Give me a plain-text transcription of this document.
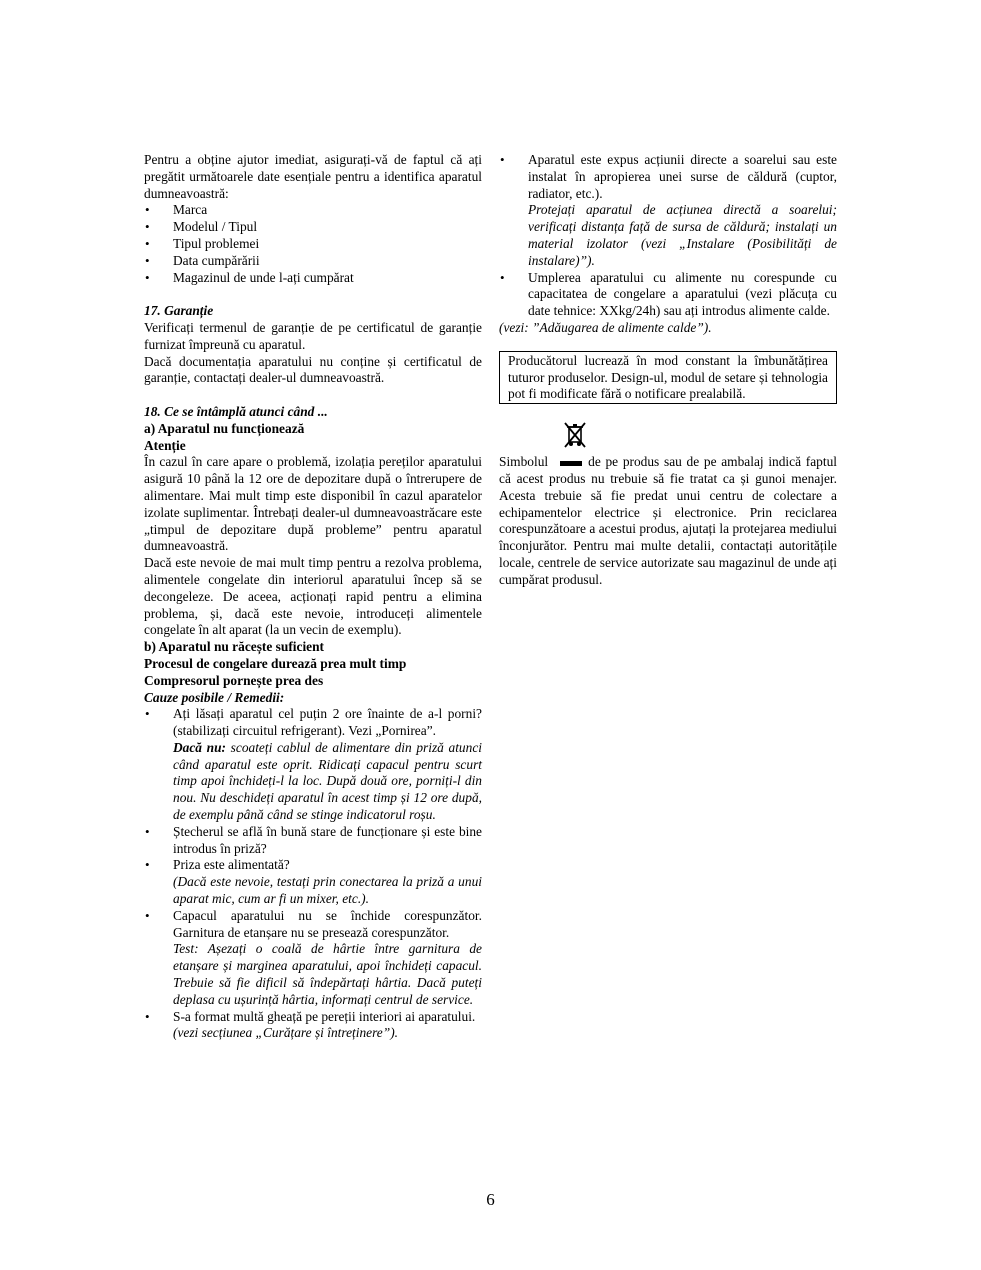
Pentru a obține ajutor imediat, asigurați-vă de faptul că ați pregătit următoarele date esențiale pentru a identifica aparatul dumneavoastră:

• Marca
• Modelul / Tipul
• Tipul problemei
• Data cumpărării
• Magazinul de unde l-ați cumpărat

17. Garanție

Verificați termenul de garanție de pe certificatul de garanție furnizat împreună cu aparatul.

Dacă documentația aparatului nu conține și certificatul de garanție, contactați dealer-ul dumneavoastră.

18. Ce se întâmplă atunci când ...

a) Aparatul nu funcționează

Atenție

În cazul în care apare o problemă, izolația pereților aparatului asigură 10 până la 12 ore de depozitare după o întrerupere de alimentare. Mai mult timp este disponibil în cazul aparatelor izolate suplimentar. Întrebați dealer-ul dumneavoastrăcare este „timpul de depozitare după probleme” pentru aparatul dumneavoastră.

Dacă este nevoie de mai mult timp pentru a rezolva problema, alimentele congelate din interiorul aparatului încep să se decongeleze. De aceea, acționați rapid pentru a elimina problema, și, dacă este nevoie, introduceți alimentele congelate în alt aparat (la un vecin de exemplu).

b) Aparatul nu răcește suficient

Procesul de congelare durează prea mult timp

Compresorul pornește prea des

Cauze posibile / Remedii:

• Ați lăsați aparatul cel puțin 2 ore înainte de a-l porni? (stabilizați circuitul refrigerant). Vezi „Pornirea”.
Dacă nu: scoateți cablul de alimentare din priză atunci când aparatul este oprit. Ridicați capacul pentru scurt timp apoi închideți-l la loc. După două ore, porniți-l din nou. Nu deschideți aparatul în acest timp și 12 ore după, de exemplu până când se stinge indicatorul roșu.
• Ștecherul se află în bună stare de funcționare și este bine introdus în priză?
• Priza este alimentată?
(Dacă este nevoie, testați prin conectarea la priză a unui aparat mic, cum ar fi un mixer, etc.).
• Capacul aparatului nu se închide corespunzător. Garnitura de etanșare nu se presează corespunzător.
Test: Așezați o coală de hârtie între garnitura de etanșare și marginea aparatului, apoi închideți capacul. Trebuie să fie dificil să îndepărtați hârtia. Dacă puteți deplasa cu ușurință hârtia, informați centrul de service.
• S-a format multă gheață pe pereții interiori ai aparatului.
(vezi secțiunea „Curățare și întreținere”).
• Aparatul este expus acțiunii directe a soarelui sau este instalat în apropierea unei surse de căldură (cuptor, radiator, etc.).
Protejați aparatul de acțiunea directă a soarelui; verificați distanța față de sursa de căldură; instalați un material izolator (vezi „Instalare (Posibilități de instalare)”).
• Umplerea aparatului cu alimente nu corespunde cu capacitatea de congelare a aparatului (vezi plăcuța cu date tehnice: XXkg/24h) sau ați introdus alimente calde.

(vezi: ”Adăugarea de alimente calde”).

Producătorul lucrează în mod constant la îmbunătățirea tuturor produselor. Design-ul, modul de setare și tehnologia pot fi modificate fără o notificare prealabilă.

Simbolul	de pe produs sau de pe ambalaj indică faptul că acest produs nu trebuie să fie tratat ca și gunoi menajer. Acesta trebuie să fie predat unui centru de colectare a echipamentelor electrice și electronice. Prin reciclarea corespunzătoare a acestui produs, ajutați la protejarea mediului înconjurător. Pentru mai multe detalii, contactați autoritățile locale, centrele de service autorizate sau magazinul de unde ați cumpărat produsul.

6
